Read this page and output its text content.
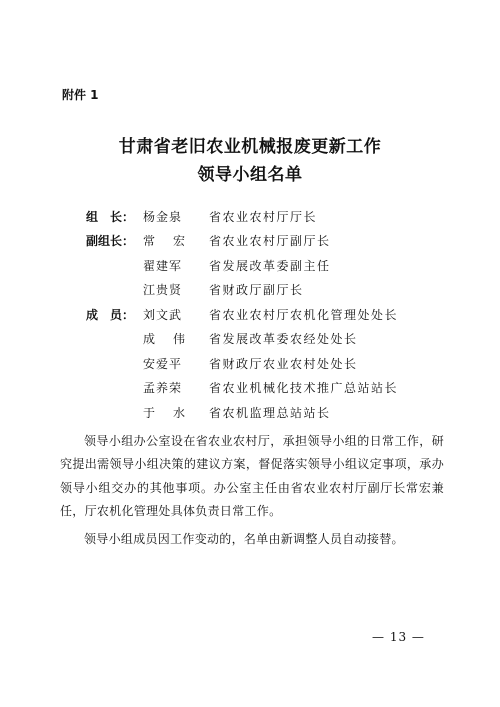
附件 1
甘肃省老旧农业机械报废更新工作
领导小组名单
组　长： 杨金泉	省农业农村厅厅长
副组长： 常宏 省农业农村厅副厅长
翟建军	省发展改革委副主任
江贵贤	省财政厅副厅长
成　员： 刘文武	省农业农村厅农机化管理处处长
成伟 省发展改革委农经处处长
安爱平	省财政厅农业农村处处长
孟养荣	省农业机械化技术推广总站站长
于水 省农机监理总站站长
领导小组办公室设在省农业农村厅，承担领导小组的日常工作，研究提出需领导小组决策的建议方案，督促落实领导小组议定事项，承办领导小组交办的其他事项。办公室主任由省农业农村厅副厅长常宏兼任，厅农机化管理处具体负责日常工作。
领导小组成员因工作变动的，名单由新调整人员自动接替。
— 13 —
